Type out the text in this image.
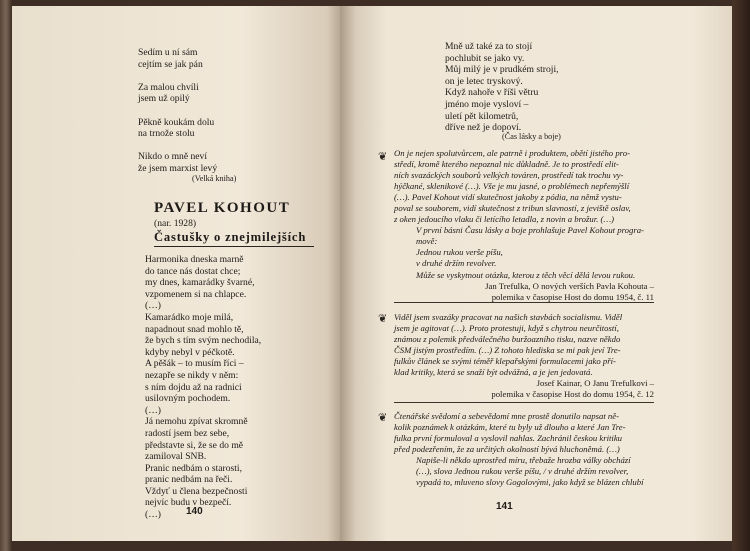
Sedím u ní sám

cejtím se jak pán

Za malou chvíli

jsem už opilý

Pěkně koukám dolu

na trnože stolu

Nikdo o mně neví

že jsem marxist levý

(Velká kniha)
PAVEL KOHOUT
(nar. 1928)
Častušky o znejmilejších

Harmonika dneska marně

do tance nás dostat chce;

my dnes, kamarádky švarné,

vzpomenem si na chlapce.

(…)

Kamarádko moje milá,

napadnout snad mohlo tě,

že bych s tím svým nechodila,

kdyby nebyl v péčkotě.

A pěšák – to musím říci –

nezapře se nikdy v něm:

s ním dojdu až na radnici

usilovným pochodem.

(…)

Já nemohu zpívat skromně

radostí jsem bez sebe,

představte si, že se do mě

zamiloval SNB.

Pranic nedbám o starosti,

pranic nedbám na řeči.

Vždyť u člena bezpečnosti

nejvíc budu v bezpečí.

(…)	140

Mně už také za to stojí

pochlubit se jako vy.

Můj milý je v prudkém stroji,

on je letec tryskový.

Když nahoře v říši větru

jméno moje vysloví –

uletí pět kilometrů,

dříve než je dopoví.

(Čas lásky a boje)
141
❦ On je nejen spolutvůrcem, ale patrně i produktem, obětí jistého pro-

středí, kromě kterého nepoznal nic důkladně. Je to prostředí elit-

ních svazáckých souborů velkých továren, prostředí tak trochu vy-

hýčkané, sklenikové (…). Vše je mu jasné, o problémech nepřemýšlí

(…). Pavel Kohout vidí skutečnost jakoby z pódia, na němž vystu-

poval se souborem, vidí skutečnost z tribun slavností, z jeviště oslav,

z oken jedoucího vlaku či letícího letadla, z novin a brožur. (…)

V první básni Času lásky a boje prohlašuje Pavel Kohout progra-

mově:

Jednou rukou verše píšu,

v druhé držím revolver.

Může se vyskytnout otázka, kterou z těch věcí dělá levou rukou.

Jan Trefulka, O nových verších Pavla Kohouta –

polemika v časopise Host do domu 1954, č. 11

❦ Viděl jsem svazáky pracovat na našich stavbách socialismu. Viděl

jsem je agitovat (…). Proto protestuji, když s chytrou neurčitostí,

známou z polemik předválečného buržoazního tisku, nazve někdo

ČSM jistým prostředím. (…) Z tohoto hlediska se mi pak jeví Tre-

fulkův článek se svými téměř klepařskými formulacemi jako pří-

klad kritiky, která se snaží být odvážná, a je jen jedovatá.

Josef Kainar, O Janu Trefulkovi –

polemika v časopise Host do domu 1954, č. 12

❦ Čtenářské svědomí a sebevědomí mne prostě donutilo napsat ně-

kolik poznámek k otázkám, které tu byly už dlouho a které Jan Tre-

fulka první formuloval a vyslovil nahlas. Zachránil českou kritiku

před podezřením, že za určitých okolností bývá hluchoněmá. (…)

Napiše-li někdo uprostřed míru, třebaže hrozba války obchází

(…), slova Jednou rukou verše píšu, / v druhé držím revolver,

vypadá to, mluveno slovy Gogolovými, jako když se blázen chlubí
